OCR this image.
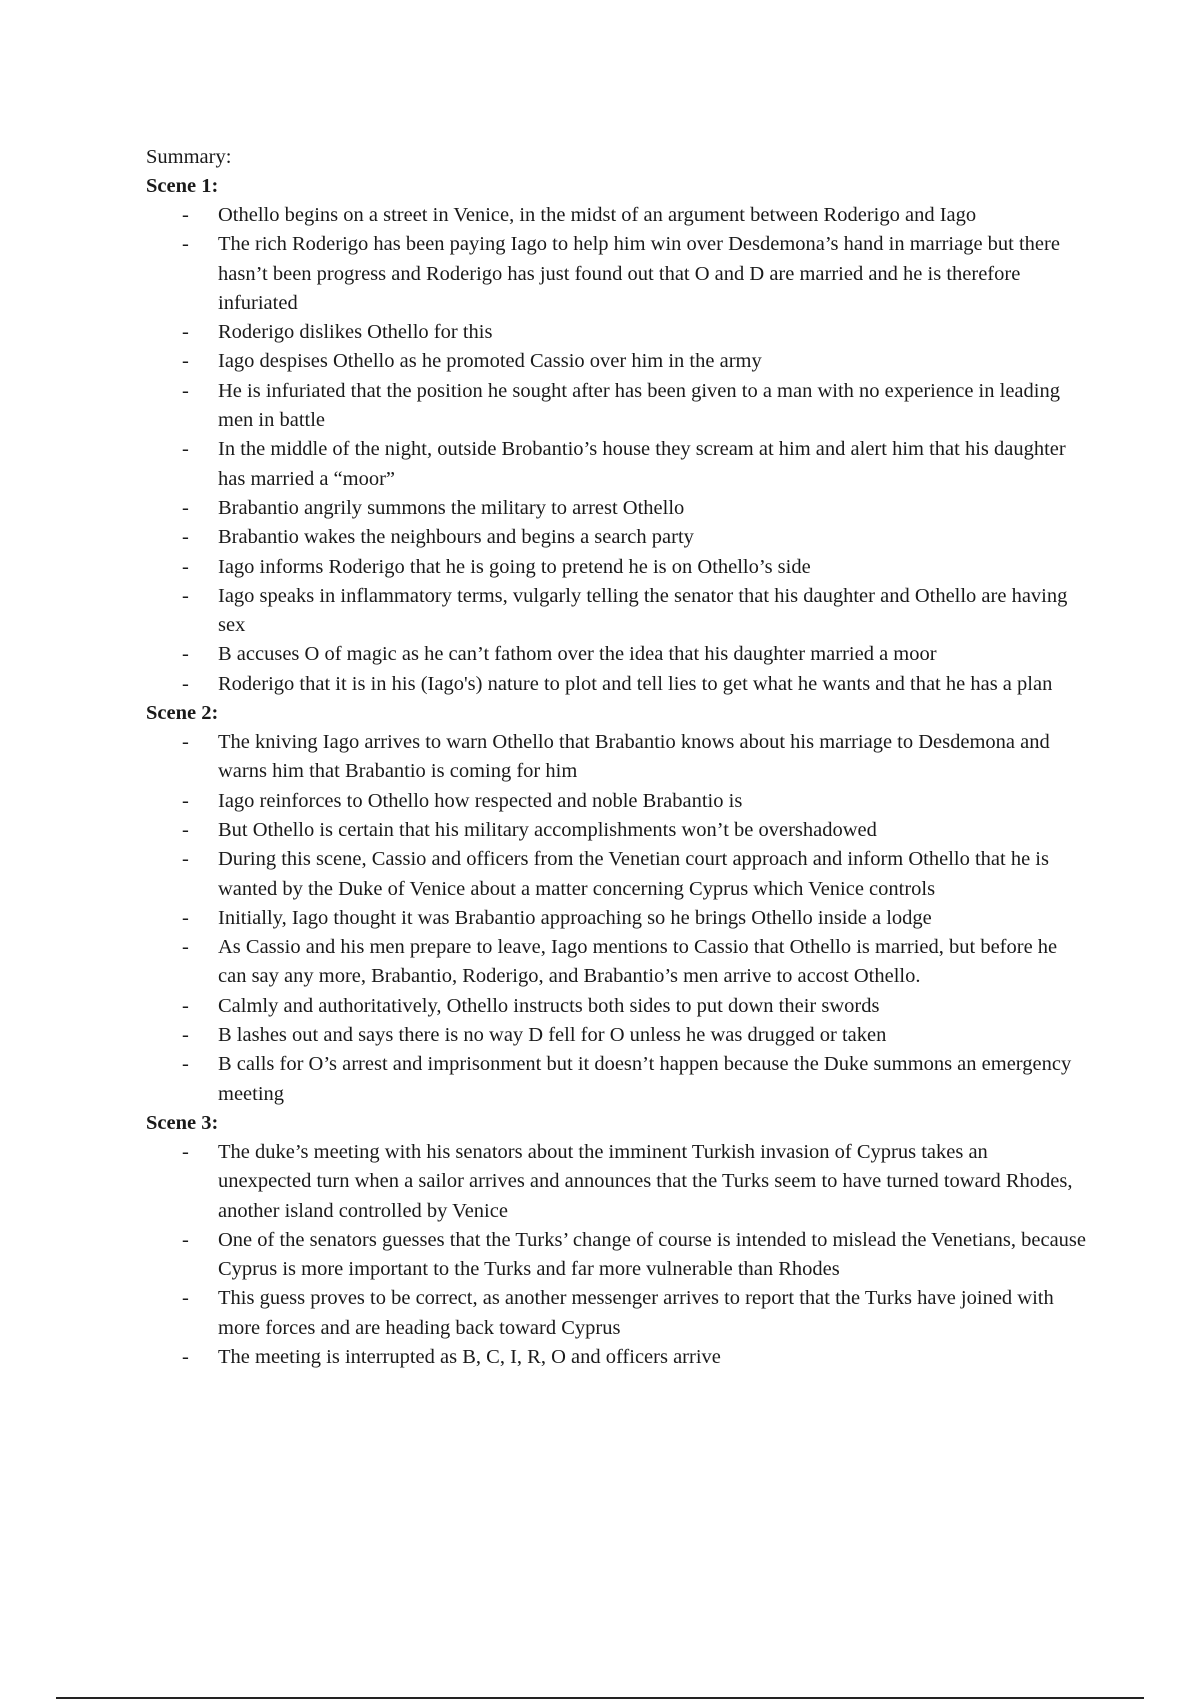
Summary:

Scene 1:

- Othello begins on a street in Venice, in the midst of an argument between Roderigo and Iago
- The rich Roderigo has been paying Iago to help him win over Desdemona’s hand in marriage but there hasn’t been progress and Roderigo has just found out that O and D are married and he is therefore infuriated
- Roderigo dislikes Othello for this
- Iago despises Othello as he promoted Cassio over him in the army
- He is infuriated that the position he sought after has been given to a man with no experience in leading men in battle
- In the middle of the night, outside Brobantio’s house they scream at him and alert him that his daughter has married a “moor”
- Brabantio angrily summons the military to arrest Othello
- Brabantio wakes the neighbours and begins a search party
- Iago informs Roderigo that he is going to pretend he is on Othello’s side
- Iago speaks in inflammatory terms, vulgarly telling the senator that his daughter and Othello are having sex
- B accuses O of magic as he can’t fathom over the idea that his daughter married a moor
- Roderigo that it is in his (Iago's) nature to plot and tell lies to get what he wants and that he has a plan

Scene 2:

- The kniving Iago arrives to warn Othello that Brabantio knows about his marriage to Desdemona and warns him that Brabantio is coming for him
- Iago reinforces to Othello how respected and noble Brabantio is
- But Othello is certain that his military accomplishments won’t be overshadowed
- During this scene, Cassio and officers from the Venetian court approach and inform Othello that he is wanted by the Duke of Venice about a matter concerning Cyprus which Venice controls
- Initially, Iago thought it was Brabantio approaching so he brings Othello inside a lodge
- As Cassio and his men prepare to leave, Iago mentions to Cassio that Othello is married, but before he can say any more, Brabantio, Roderigo, and Brabantio’s men arrive to accost Othello.
- Calmly and authoritatively, Othello instructs both sides to put down their swords
- B lashes out and says there is no way D fell for O unless he was drugged or taken
- B calls for O’s arrest and imprisonment but it doesn’t happen because the Duke summons an emergency meeting

Scene 3:

- The duke’s meeting with his senators about the imminent Turkish invasion of Cyprus takes an unexpected turn when a sailor arrives and announces that the Turks seem to have turned toward Rhodes, another island controlled by Venice
- One of the senators guesses that the Turks’ change of course is intended to mislead the Venetians, because Cyprus is more important to the Turks and far more vulnerable than Rhodes
- This guess proves to be correct, as another messenger arrives to report that the Turks have joined with more forces and are heading back toward Cyprus
- The meeting is interrupted as B, C, I, R, O and officers arrive
